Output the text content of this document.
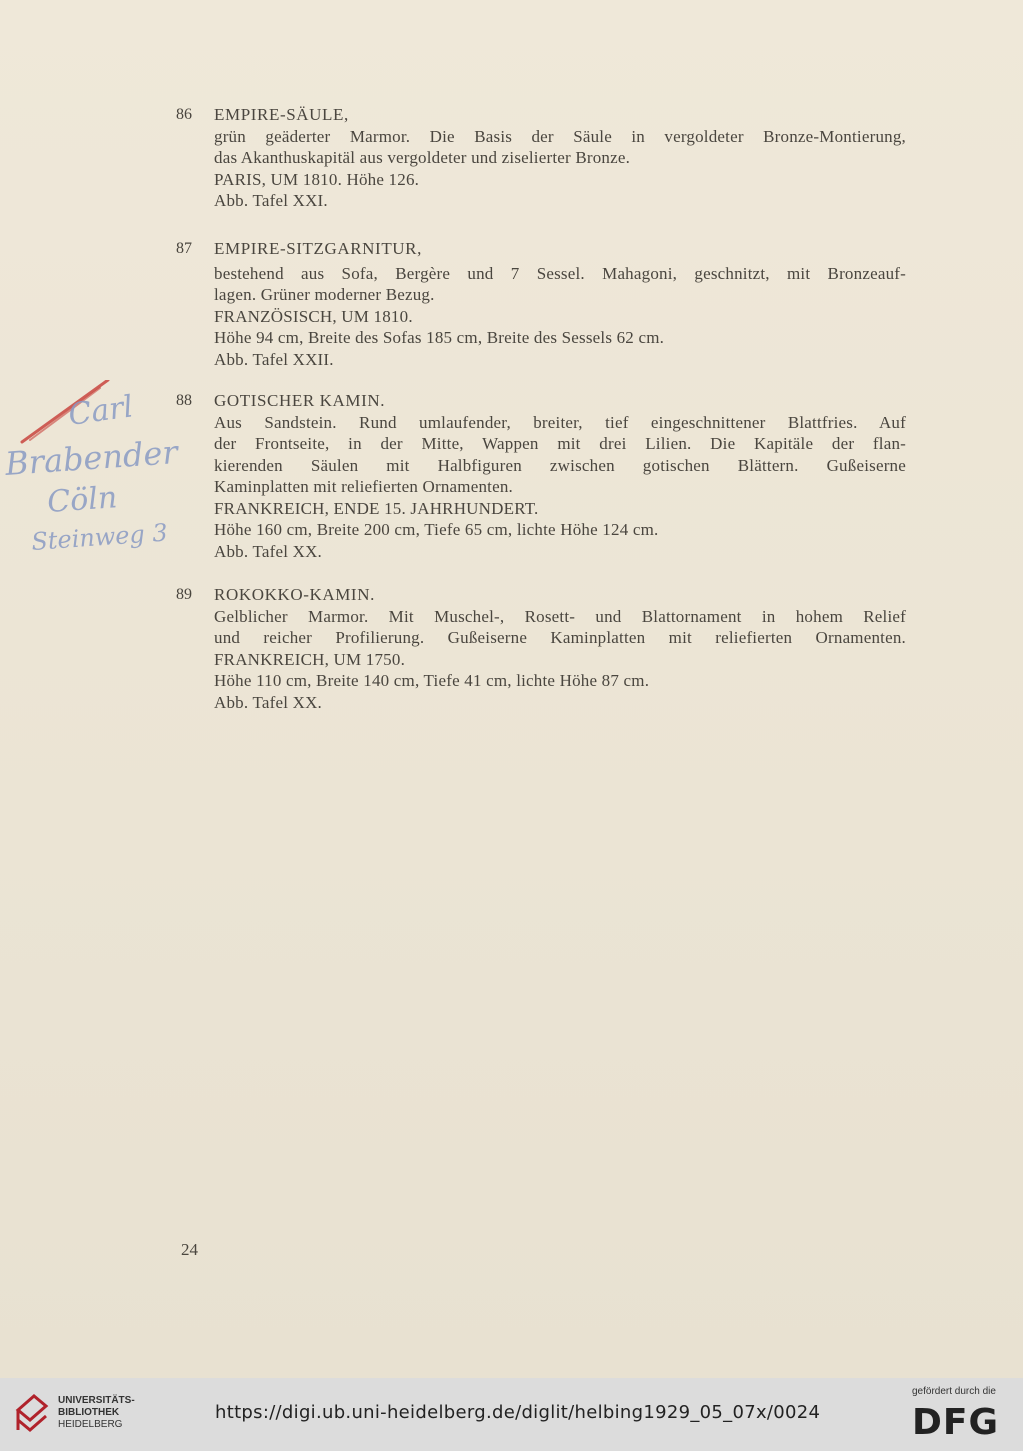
86	EMPIRE-SÄULE,
grün geäderter Marmor. Die Basis der Säule in vergoldeter Bronze-Montierung,
das Akanthuskapitäl aus vergoldeter und ziselierter Bronze.
PARIS, UM 1810. Höhe 126.
Abb. Tafel XXI.
87	EMPIRE-SITZGARNITUR,
bestehend aus Sofa, Bergère und 7 Sessel. Mahagoni, geschnitzt, mit Bronzeauf-
lagen. Grüner moderner Bezug.
FRANZÖSISCH, UM 1810.
Höhe 94 cm, Breite des Sofas 185 cm, Breite des Sessels 62 cm.
Abb. Tafel XXII.
88	GOTISCHER KAMIN.
Aus Sandstein. Rund umlaufender, breiter, tief eingeschnittener Blattfries. Auf
der Frontseite, in der Mitte, Wappen mit drei Lilien. Die Kapitäle der flan-
kierenden Säulen mit Halbfiguren zwischen gotischen Blättern. Gußeiserne
Kaminplatten mit reliefierten Ornamenten.
FRANKREICH, ENDE 15. JAHRHUNDERT.
Höhe 160 cm, Breite 200 cm, Tiefe 65 cm, lichte Höhe 124 cm.
Abb. Tafel XX.
89	ROKOKKO-KAMIN.
Gelblicher Marmor. Mit Muschel-, Rosett- und Blattornament in hohem Relief
und reicher Profilierung. Gußeiserne Kaminplatten mit reliefierten Ornamenten.
FRANKREICH, UM 1750.
Höhe 110 cm, Breite 140 cm, Tiefe 41 cm, lichte Höhe 87 cm.
Abb. Tafel XX.
Carl
Brabender
Cöln
Steinweg 3
24
UNIVERSITÄTS-
BIBLIOTHEK
HEIDELBERG
https://digi.ub.uni-heidelberg.de/diglit/helbing1929_05_07x/0024
gefördert durch die
DFG
